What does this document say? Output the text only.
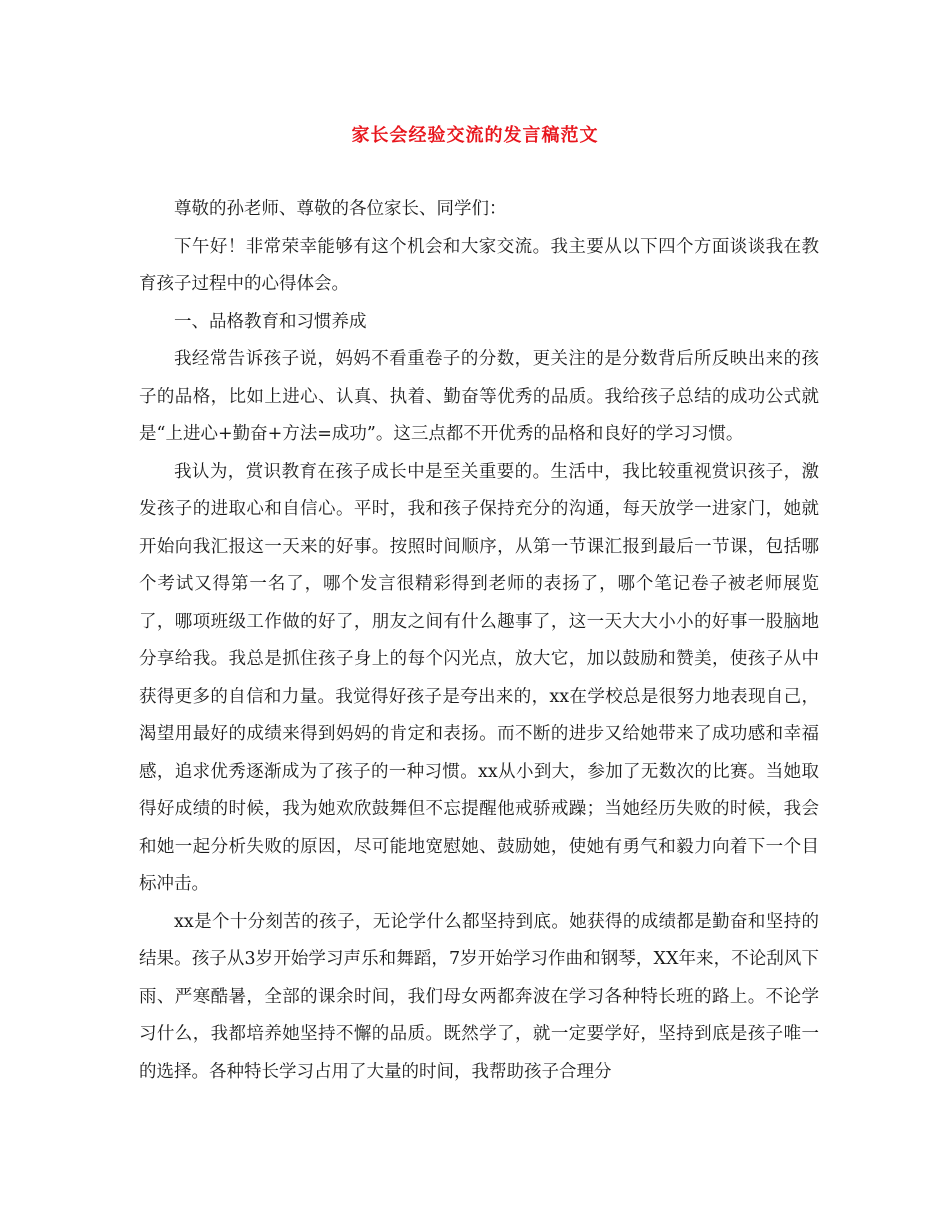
家长会经验交流的发言稿范文

尊敬的孙老师、尊敬的各位家长、同学们：

下午好！非常荣幸能够有这个机会和大家交流。我主要从以下四个方面谈谈我在教育孩子过程中的心得体会。

一、品格教育和习惯养成

我经常告诉孩子说，妈妈不看重卷子的分数，更关注的是分数背后所反映出来的孩子的品格，比如上进心、认真、执着、勤奋等优秀的品质。我给孩子总结的成功公式就是“上进心+勤奋+方法=成功”。这三点都不开优秀的品格和良好的学习习惯。

我认为，赏识教育在孩子成长中是至关重要的。生活中，我比较重视赏识孩子，激发孩子的进取心和自信心。平时，我和孩子保持充分的沟通，每天放学一进家门，她就开始向我汇报这一天来的好事。按照时间顺序，从第一节课汇报到最后一节课，包括哪个考试又得第一名了，哪个发言很精彩得到老师的表扬了，哪个笔记卷子被老师展览了，哪项班级工作做的好了，朋友之间有什么趣事了，这一天大大小小的好事一股脑地分享给我。我总是抓住孩子身上的每个闪光点，放大它，加以鼓励和赞美，使孩子从中获得更多的自信和力量。我觉得好孩子是夸出来的，xx在学校总是很努力地表现自己，渴望用最好的成绩来得到妈妈的肯定和表扬。而不断的进步又给她带来了成功感和幸福感，追求优秀逐渐成为了孩子的一种习惯。xx从小到大，参加了无数次的比赛。当她取得好成绩的时候，我为她欢欣鼓舞但不忘提醒他戒骄戒躁；当她经历失败的时候，我会和她一起分析失败的原因，尽可能地宽慰她、鼓励她，使她有勇气和毅力向着下一个目标冲击。

xx是个十分刻苦的孩子，无论学什么都坚持到底。她获得的成绩都是勤奋和坚持的结果。孩子从3岁开始学习声乐和舞蹈，7岁开始学习作曲和钢琴，XX年来，不论刮风下雨、严寒酷暑，全部的课余时间，我们母女两都奔波在学习各种特长班的路上。不论学习什么，我都培养她坚持不懈的品质。既然学了，就一定要学好，坚持到底是孩子唯一的选择。各种特长学习占用了大量的时间，我帮助孩子合理分
